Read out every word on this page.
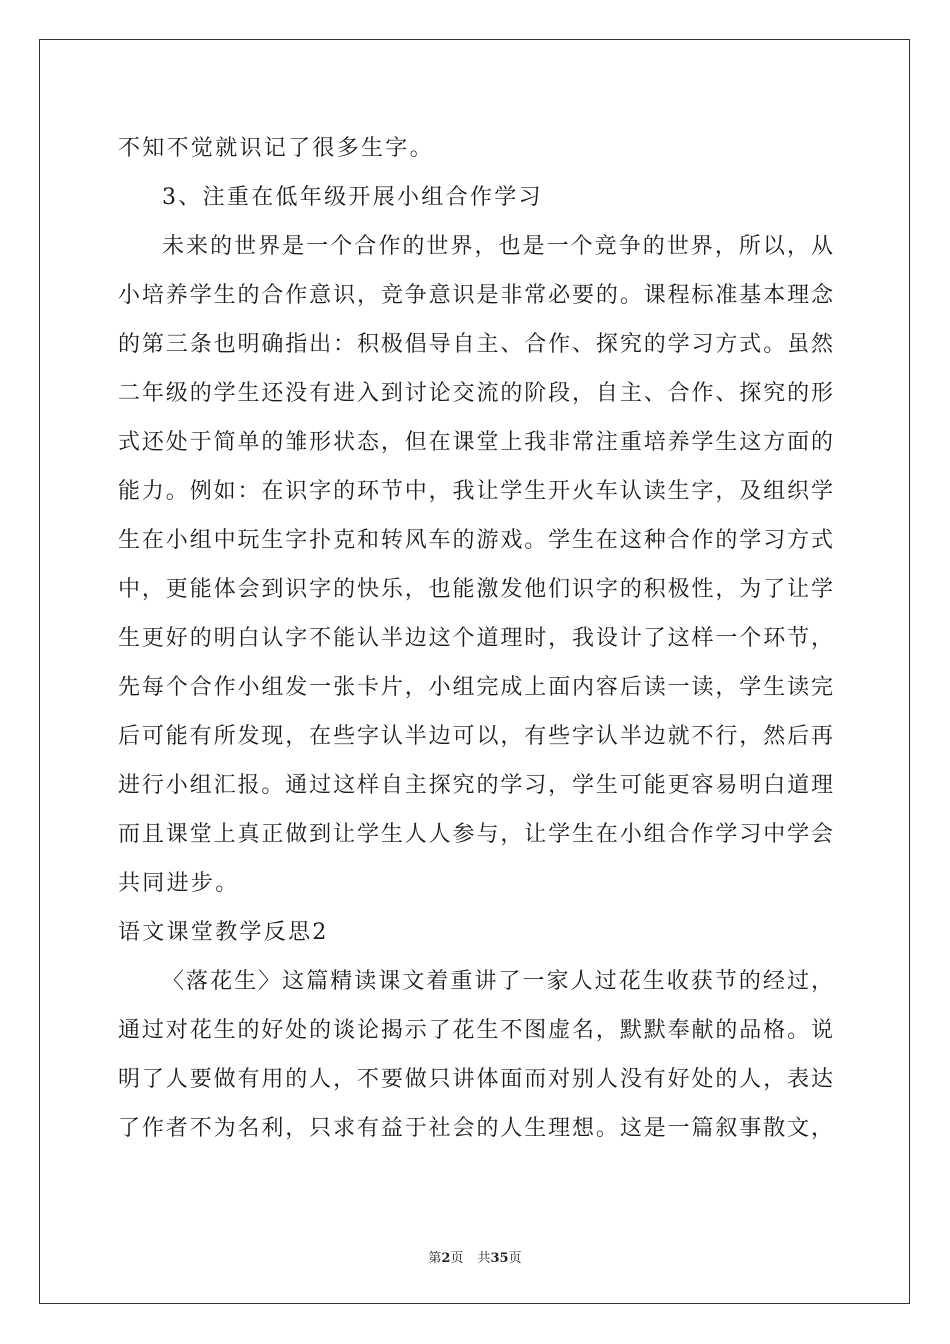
不知不觉就识记了很多生字。
3、注重在低年级开展小组合作学习
未来的世界是一个合作的世界，也是一个竞争的世界，所以，从
小培养学生的合作意识，竞争意识是非常必要的。课程标准基本理念
的第三条也明确指出：积极倡导自主、合作、探究的学习方式。虽然
二年级的学生还没有进入到讨论交流的阶段，自主、合作、探究的形
式还处于简单的雏形状态，但在课堂上我非常注重培养学生这方面的
能力。例如：在识字的环节中，我让学生开火车认读生字，及组织学
生在小组中玩生字扑克和转风车的游戏。学生在这种合作的学习方式
中，更能体会到识字的快乐，也能激发他们识字的积极性，为了让学
生更好的明白认字不能认半边这个道理时，我设计了这样一个环节，
先每个合作小组发一张卡片，小组完成上面内容后读一读，学生读完
后可能有所发现，在些字认半边可以，有些字认半边就不行，然后再
进行小组汇报。通过这样自主探究的学习，学生可能更容易明白道理
而且课堂上真正做到让学生人人参与，让学生在小组合作学习中学会
共同进步。
语文课堂教学反思2
〈落花生〉这篇精读课文着重讲了一家人过花生收获节的经过，
通过对花生的好处的谈论揭示了花生不图虚名，默默奉献的品格。说
明了人要做有用的人，不要做只讲体面而对别人没有好处的人，表达
了作者不为名利，只求有益于社会的人生理想。这是一篇叙事散文，
第2页 共35页
